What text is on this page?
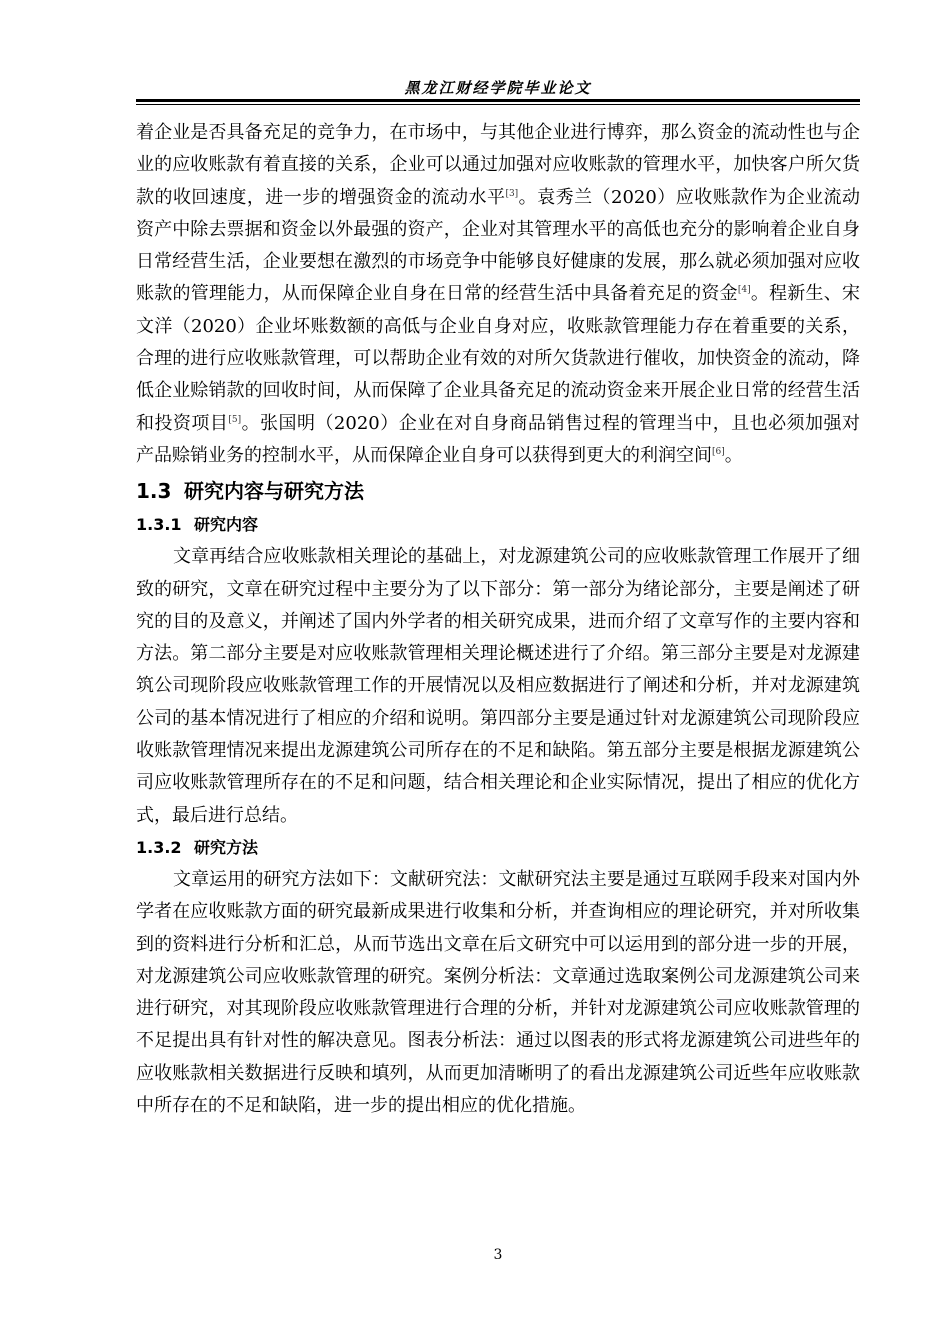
黑龙江财经学院毕业论文

着企业是否具备充足的竞争力，在市场中，与其他企业进行博弈，那么资金的流动性也与企业的应收账款有着直接的关系，企业可以通过加强对应收账款的管理水平，加快客户所欠货款的收回速度，进一步的增强资金的流动水平[3]。袁秀兰（2020）应收账款作为企业流动资产中除去票据和资金以外最强的资产，企业对其管理水平的高低也充分的影响着企业自身日常经营生活，企业要想在激烈的市场竞争中能够良好健康的发展，那么就必须加强对应收账款的管理能力，从而保障企业自身在日常的经营生活中具备着充足的资金[4]。程新生、宋文洋（2020）企业坏账数额的高低与企业自身对应，收账款管理能力存在着重要的关系，合理的进行应收账款管理，可以帮助企业有效的对所欠货款进行催收，加快资金的流动，降低企业赊销款的回收时间，从而保障了企业具备充足的流动资金来开展企业日常的经营生活和投资项目[5]。张国明（2020）企业在对自身商品销售过程的管理当中，且也必须加强对产品赊销业务的控制水平，从而保障企业自身可以获得到更大的利润空间[6]。

1.3 研究内容与研究方法
1.3.1 研究内容

文章再结合应收账款相关理论的基础上，对龙源建筑公司的应收账款管理工作展开了细致的研究，文章在研究过程中主要分为了以下部分：第一部分为绪论部分，主要是阐述了研究的目的及意义，并阐述了国内外学者的相关研究成果，进而介绍了文章写作的主要内容和方法。第二部分主要是对应收账款管理相关理论概述进行了介绍。第三部分主要是对龙源建筑公司现阶段应收账款管理工作的开展情况以及相应数据进行了阐述和分析，并对龙源建筑公司的基本情况进行了相应的介绍和说明。第四部分主要是通过针对龙源建筑公司现阶段应收账款管理情况来提出龙源建筑公司所存在的不足和缺陷。第五部分主要是根据龙源建筑公司应收账款管理所存在的不足和问题，结合相关理论和企业实际情况，提出了相应的优化方式，最后进行总结。

1.3.2 研究方法

文章运用的研究方法如下：文献研究法：文献研究法主要是通过互联网手段来对国内外学者在应收账款方面的研究最新成果进行收集和分析，并查询相应的理论研究，并对所收集到的资料进行分析和汇总，从而节选出文章在后文研究中可以运用到的部分进一步的开展，对龙源建筑公司应收账款管理的研究。案例分析法：文章通过选取案例公司龙源建筑公司来进行研究，对其现阶段应收账款管理进行合理的分析，并针对龙源建筑公司应收账款管理的不足提出具有针对性的解决意见。图表分析法：通过以图表的形式将龙源建筑公司进些年的应收账款相关数据进行反映和填列，从而更加清晰明了的看出龙源建筑公司近些年应收账款中所存在的不足和缺陷，进一步的提出相应的优化措施。

3
